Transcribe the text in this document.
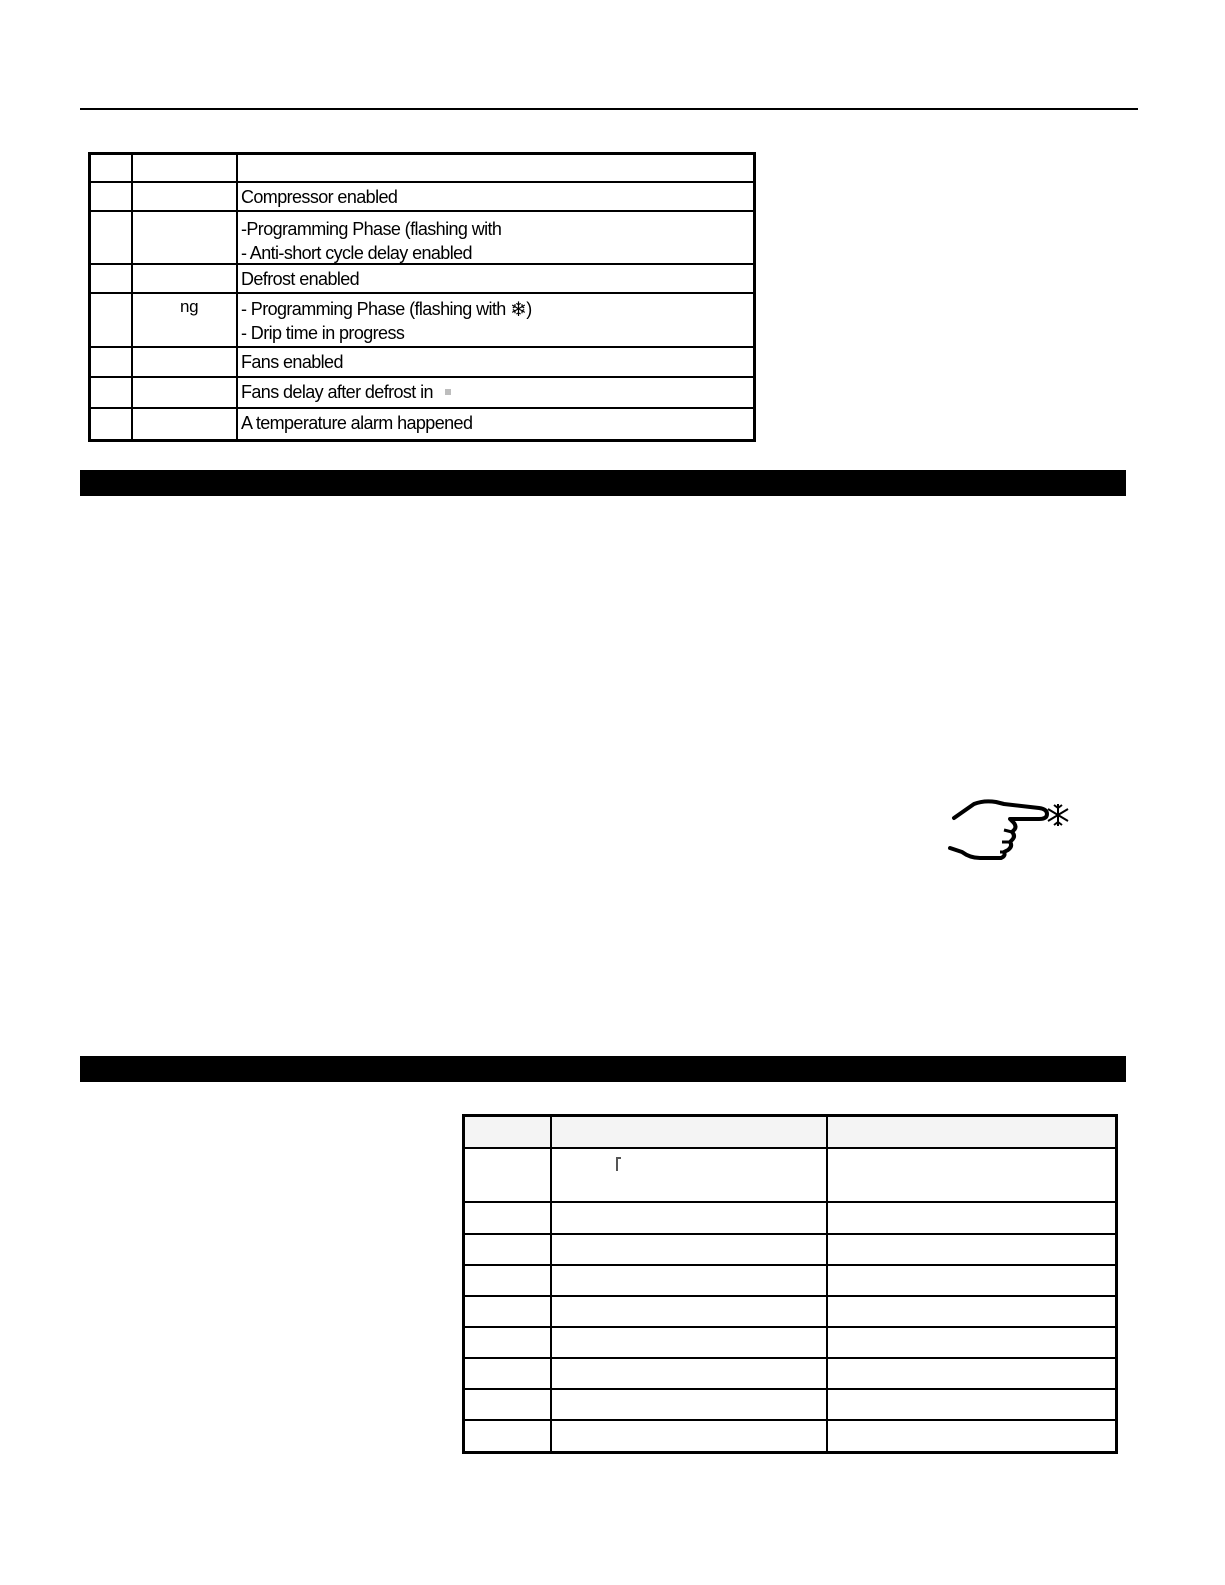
Compressor enabled
-Programming Phase (flashing with
- Anti-short cycle delay enabled
Defrost enabled
ng	- Programming Phase (flashing with ❄)
- Drip time in progress
Fans enabled
Fans delay after defrost in
A temperature alarm happened
